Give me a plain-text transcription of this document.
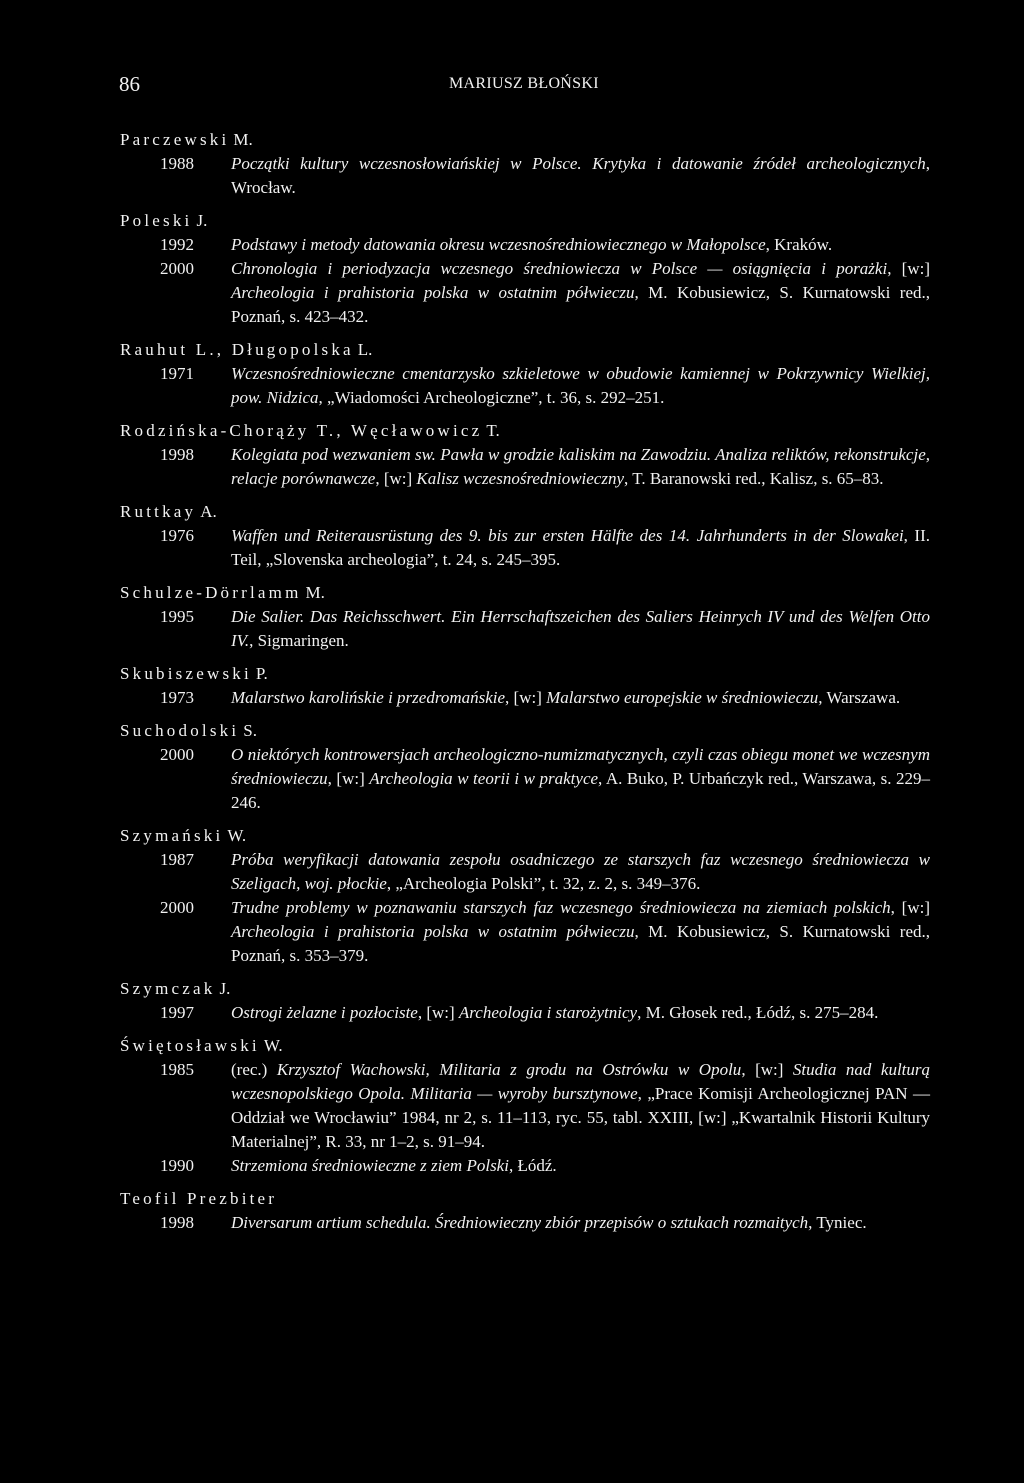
86	MARIUSZ BŁOŃSKI
Parczewski M.
1988 Początki kultury wczesnosłowiańskiej w Polsce. Krytyka i datowanie źródeł archeologicznych, Wrocław.
Poleski J.
1992 Podstawy i metody datowania okresu wczesnośredniowiecznego w Małopolsce, Kraków.
2000 Chronologia i periodyzacja wczesnego średniowiecza w Polsce — osiągnięcia i porażki, [w:] Archeologia i prahistoria polska w ostatnim półwieczu, M. Kobusiewicz, S. Kurnatowski red., Poznań, s. 423–432.
Rauhut L., Długopolska L.
1971 Wczesnośredniowieczne cmentarzysko szkieletowe w obudowie kamiennej w Pokrzywnicy Wielkiej, pow. Nidzica, „Wiadomości Archeologiczne”, t. 36, s. 292–251.
Rodzińska-Chorąży T., Węcławowicz T.
1998 Kolegiata pod wezwaniem sw. Pawła w grodzie kaliskim na Zawodziu. Analiza reliktów, rekonstrukcje, relacje porównawcze, [w:] Kalisz wczesnośredniowieczny, T. Baranowski red., Kalisz, s. 65–83.
Ruttkay A.
1976 Waffen und Reiterausrüstung des 9. bis zur ersten Hälfte des 14. Jahrhunderts in der Slowakei, II. Teil, „Slovenska archeologia”, t. 24, s. 245–395.
Schulze-Dörrlamm M.
1995 Die Salier. Das Reichsschwert. Ein Herrschaftszeichen des Saliers Heinrych IV und des Welfen Otto IV., Sigmaringen.
Skubiszewski P.
1973 Malarstwo karolińskie i przedromańskie, [w:] Malarstwo europejskie w średniowieczu, Warszawa.
Suchodolski S.
2000 O niektórych kontrowersjach archeologiczno-numizmatycznych, czyli czas obiegu monet we wczesnym średniowieczu, [w:] Archeologia w teorii i w praktyce, A. Buko, P. Urbańczyk red., Warszawa, s. 229–246.
Szymański W.
1987 Próba weryfikacji datowania zespołu osadniczego ze starszych faz wczesnego średniowiecza w Szeligach, woj. płockie, „Archeologia Polski”, t. 32, z. 2, s. 349–376.
2000 Trudne problemy w poznawaniu starszych faz wczesnego średniowiecza na ziemiach polskich, [w:] Archeologia i prahistoria polska w ostatnim półwieczu, M. Kobusiewicz, S. Kurnatowski red., Poznań, s. 353–379.
Szymczak J.
1997 Ostrogi żelazne i pozłociste, [w:] Archeologia i starożytnicy, M. Głosek red., Łódź, s. 275–284.
Świętosławski W.
1985 (rec.) Krzysztof Wachowski, Militaria z grodu na Ostrówku w Opolu, [w:] Studia nad kulturą wczesnopolskiego Opola. Militaria — wyroby bursztynowe, „Prace Komisji Archeologicznej PAN — Oddział we Wrocławiu” 1984, nr 2, s. 11–113, ryc. 55, tabl. XXIII, [w:] „Kwartalnik Historii Kultury Materialnej”, R. 33, nr 1–2, s. 91–94.
1990 Strzemiona średniowieczne z ziem Polski, Łódź.
Teofil Prezbiter
1998 Diversarum artium schedula. Średniowieczny zbiór przepisów o sztukach rozmaitych, Tyniec.
